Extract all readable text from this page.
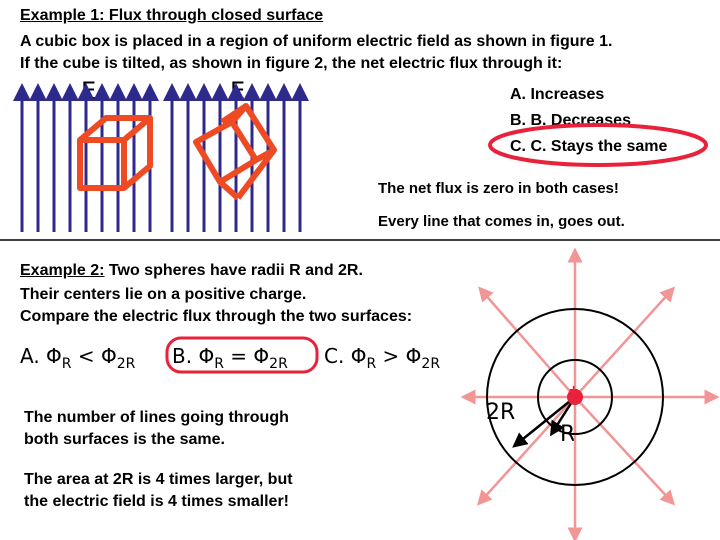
Example 1: Flux through closed surface
A cubic box is placed in a region of uniform electric field as shown in figure 1.
If the cube is tilted, as shown in figure 2, the net electric flux through it:
E	E	A. Increases
B. B. Decreases
C. C. Stays the same
The net flux is zero in both cases!
Every line that comes in, goes out.
Example 2: Two spheres have radii R and 2R.
Their centers lie on a positive charge.
Compare the electric flux through the two surfaces:
A. $\Phi_R < \Phi_{2R}$ B. $\Phi_R = \Phi_{2R}$ C. $\Phi_R > \Phi_{2R}$
The number of lines going through
both surfaces is the same.
The area at 2R is 4 times larger, but
the electric field is 4 times smaller!
2R
R
+
